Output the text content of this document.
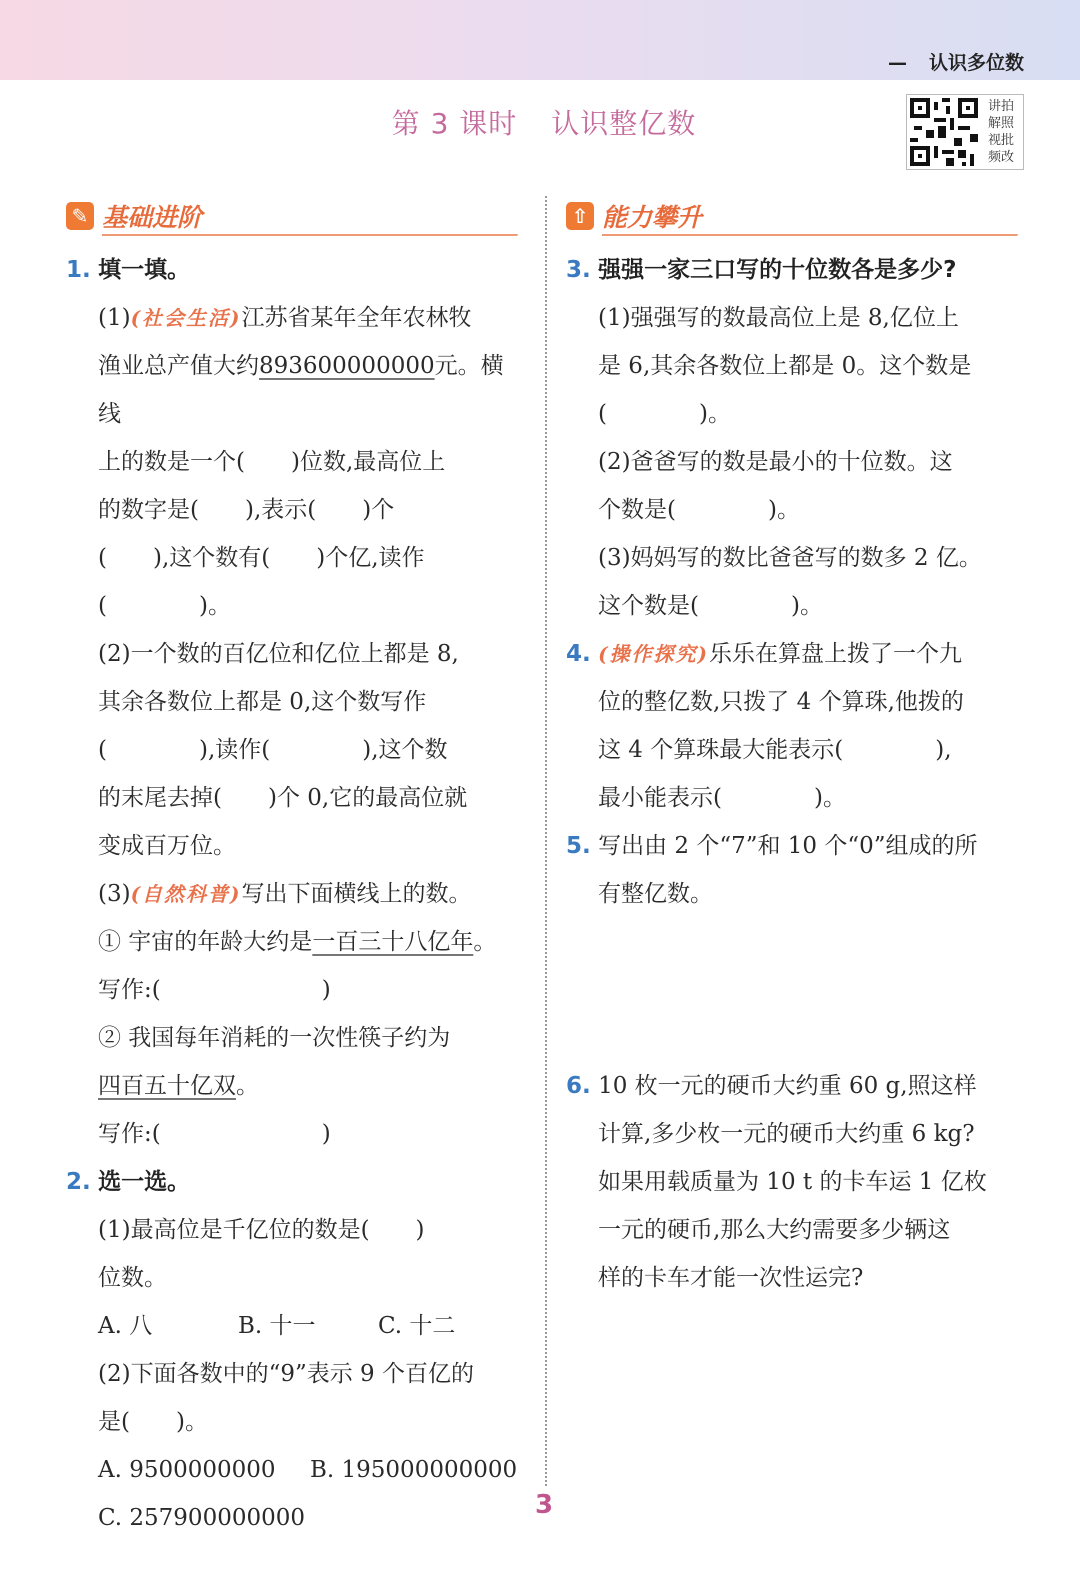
— 认识多位数
第 3 课时 认识整亿数
讲拍解照视批频改
✎ 基础进阶	⇧ 能力攀升

1. 填一填。

(1)(社会生活)江苏省某年全年农林牧

渔业总产值大约893600000000元。横线

上的数是一个(　　)位数,最高位上

的数字是(　　),表示(　　)个

(　　),这个数有(　　)个亿,读作

(　　　　)。

(2)一个数的百亿位和亿位上都是 8,

其余各数位上都是 0,这个数写作

(　　　　),读作(　　　　),这个数

的末尾去掉(　　)个 0,它的最高位就

变成百万位。

(3)(自然科普)写出下面横线上的数。

① 宇宙的年龄大约是一百三十八亿年。

写作:(　　　　　　　)

② 我国每年消耗的一次性筷子约为

四百五十亿双。

写作:(　　　　　　　)

2. 选一选。

(1)最高位是千亿位的数是(　　)

位数。

A. 八	B. 十一	C. 十二

(2)下面各数中的“9”表示 9 个百亿的

是(　　)。

A. 9500000000 B. 195000000000

C. 257900000000

3. 强强一家三口写的十位数各是多少?

(1)强强写的数最高位上是 8,亿位上

是 6,其余各数位上都是 0。这个数是

(　　　　)。

(2)爸爸写的数是最小的十位数。这

个数是(　　　　)。

(3)妈妈写的数比爸爸写的数多 2 亿。

这个数是(　　　　)。

4. (操作探究)乐乐在算盘上拨了一个九

位的整亿数,只拨了 4 个算珠,他拨的

这 4 个算珠最大能表示(　　　　),

最小能表示(　　　　)。

5. 写出由 2 个“7”和 10 个“0”组成的所

有整亿数。

6. 10 枚一元的硬币大约重 60 g,照这样

计算,多少枚一元的硬币大约重 6 kg?

如果用载质量为 10 t 的卡车运 1 亿枚

一元的硬币,那么大约需要多少辆这

样的卡车才能一次性运完?

3
